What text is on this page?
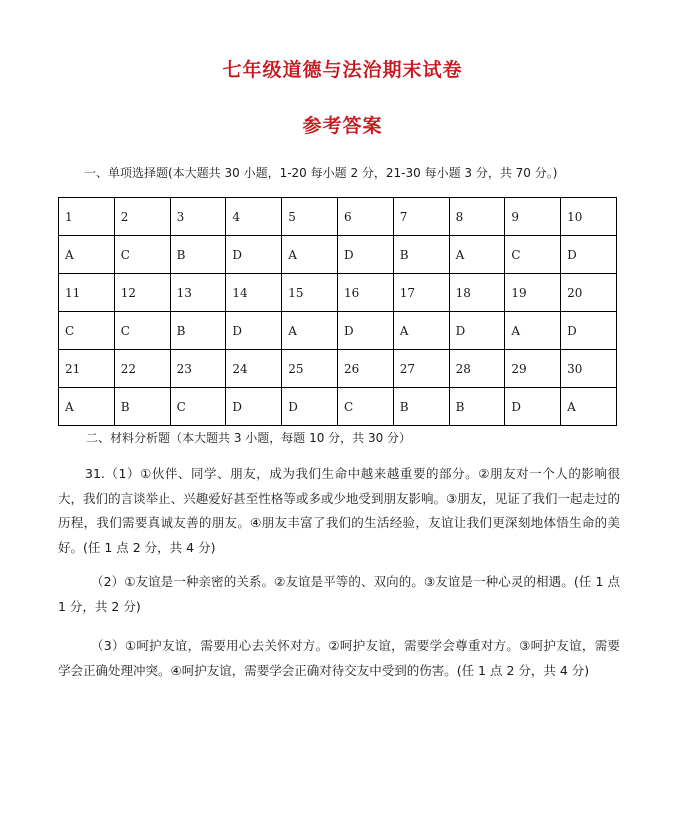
七年级道德与法治期末试卷
参考答案
一、单项选择题(本大题共 30 小题，1-20 每小题 2 分，21-30 每小题 3 分，共 70 分。)
1	2	3	4	5	6	7	8	9	10
A	C	B	D	A	D	B	A	C	D
11	12	13	14	15	16	17	18	19	20
C	C	B	D	A	D	A	D	A	D
21	22	23	24	25	26	27	28	29	30
A	B	C	D	D	C	B	B	D	A
二、材料分析题（本大题共 3 小题，每题 10 分，共 30 分）
31.（1）①伙伴、同学、朋友，成为我们生命中越来越重要的部分。②朋友对一个人的影响很大，我们的言谈举止、兴趣爱好甚至性格等或多或少地受到朋友影响。③朋友，见证了我们一起走过的历程，我们需要真诚友善的朋友。④朋友丰富了我们的生活经验，友谊让我们更深刻地体悟生命的美好。(任 1 点 2 分，共 4 分)
（2）①友谊是一种亲密的关系。②友谊是平等的、双向的。③友谊是一种心灵的相遇。(任 1 点 1 分，共 2 分)
（3）①呵护友谊，需要用心去关怀对方。②呵护友谊，需要学会尊重对方。③呵护友谊，需要学会正确处理冲突。④呵护友谊，需要学会正确对待交友中受到的伤害。(任 1 点 2 分，共 4 分)
